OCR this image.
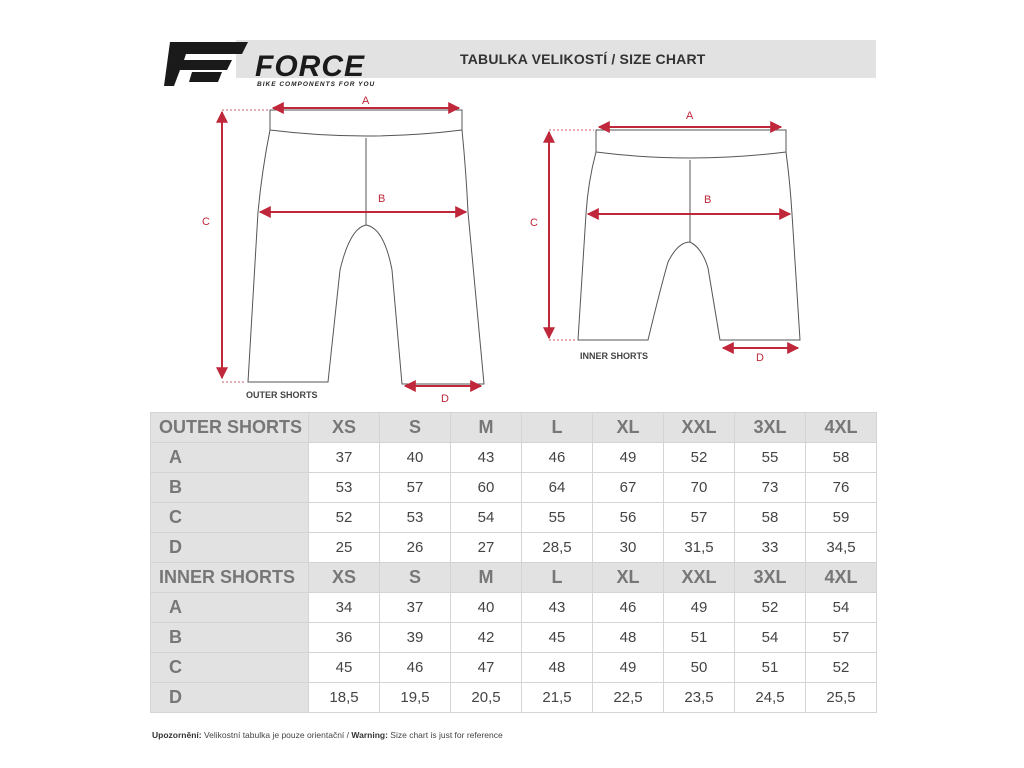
TABULKA VELIKOSTÍ / SIZE CHART
FORCE
BIKE COMPONENTS FOR YOU
A
B
C
D
OUTER SHORTS
A
B
C
D
INNER SHORTS
OUTER SHORTS	XS	S	M	L	XL	XXL	3XL	4XL
A	37	40	43	46	49	52	55	58
B	53	57	60	64	67	70	73	76
C	52	53	54	55	56	57	58	59
D	25	26	27	28,5	30	31,5	33	34,5
INNER SHORTS	XS	S	M	L	XL	XXL	3XL	4XL
A	34	37	40	43	46	49	52	54
B	36	39	42	45	48	51	54	57
C	45	46	47	48	49	50	51	52
D	18,5	19,5	20,5	21,5	22,5	23,5	24,5	25,5
Upozornění: Velikostní tabulka je pouze orientační / Warning: Size chart is just for reference
